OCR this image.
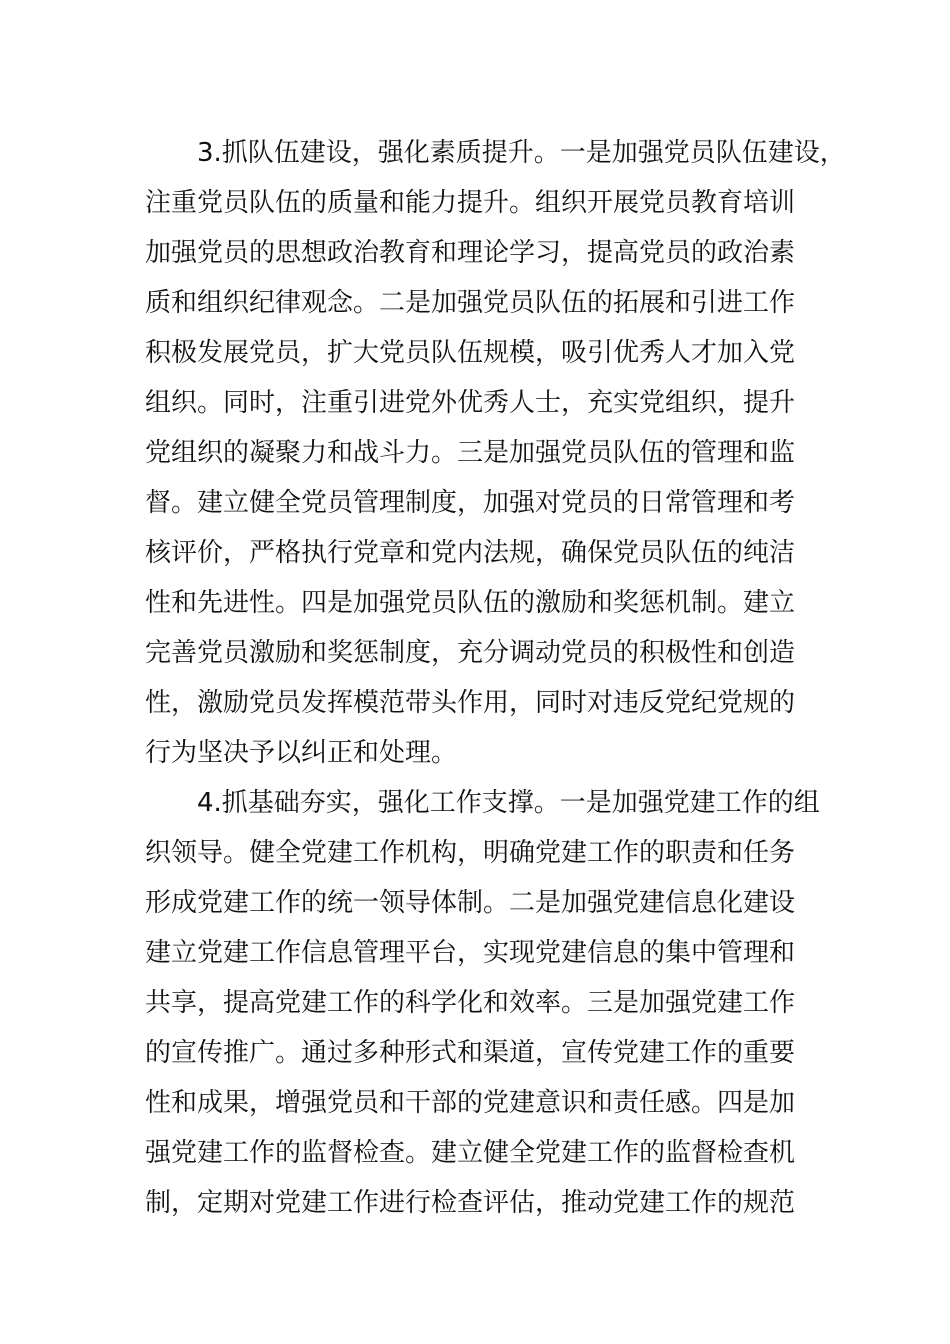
3.抓队伍建设，强化素质提升。一是加强党员队伍建设，
注重党员队伍的质量和能力提升。组织开展党员教育培训
加强党员的思想政治教育和理论学习，提高党员的政治素
质和组织纪律观念。二是加强党员队伍的拓展和引进工作
积极发展党员，扩大党员队伍规模，吸引优秀人才加入党
组织。同时，注重引进党外优秀人士，充实党组织，提升
党组织的凝聚力和战斗力。三是加强党员队伍的管理和监
督。建立健全党员管理制度，加强对党员的日常管理和考
核评价，严格执行党章和党内法规，确保党员队伍的纯洁
性和先进性。四是加强党员队伍的激励和奖惩机制。建立
完善党员激励和奖惩制度，充分调动党员的积极性和创造
性，激励党员发挥模范带头作用，同时对违反党纪党规的
行为坚决予以纠正和处理。
4.抓基础夯实，强化工作支撑。一是加强党建工作的组
织领导。健全党建工作机构，明确党建工作的职责和任务
形成党建工作的统一领导体制。二是加强党建信息化建设
建立党建工作信息管理平台，实现党建信息的集中管理和
共享，提高党建工作的科学化和效率。三是加强党建工作
的宣传推广。通过多种形式和渠道，宣传党建工作的重要
性和成果，增强党员和干部的党建意识和责任感。四是加
强党建工作的监督检查。建立健全党建工作的监督检查机
制，定期对党建工作进行检查评估，推动党建工作的规范
